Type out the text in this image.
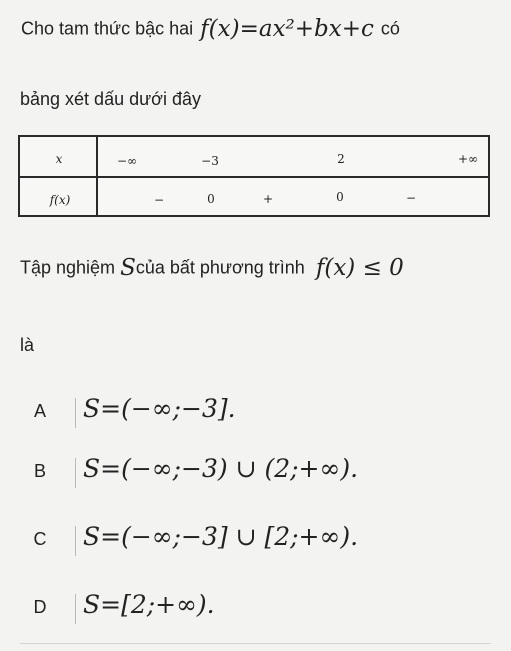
Cho tam thức bậc hai f(x)=ax²+bx+c có
bảng xét dấu dưới đây
x
f(x)
−∞	−3	2	+∞
−	0	+	0	−
Tập nghiệm Scủa bất phương trình f(x) ≤ 0
là
A S=(−∞;−3].
B S=(−∞;−3) ∪ (2;+∞).
C S=(−∞;−3] ∪ [2;+∞).
D S=[2;+∞).
